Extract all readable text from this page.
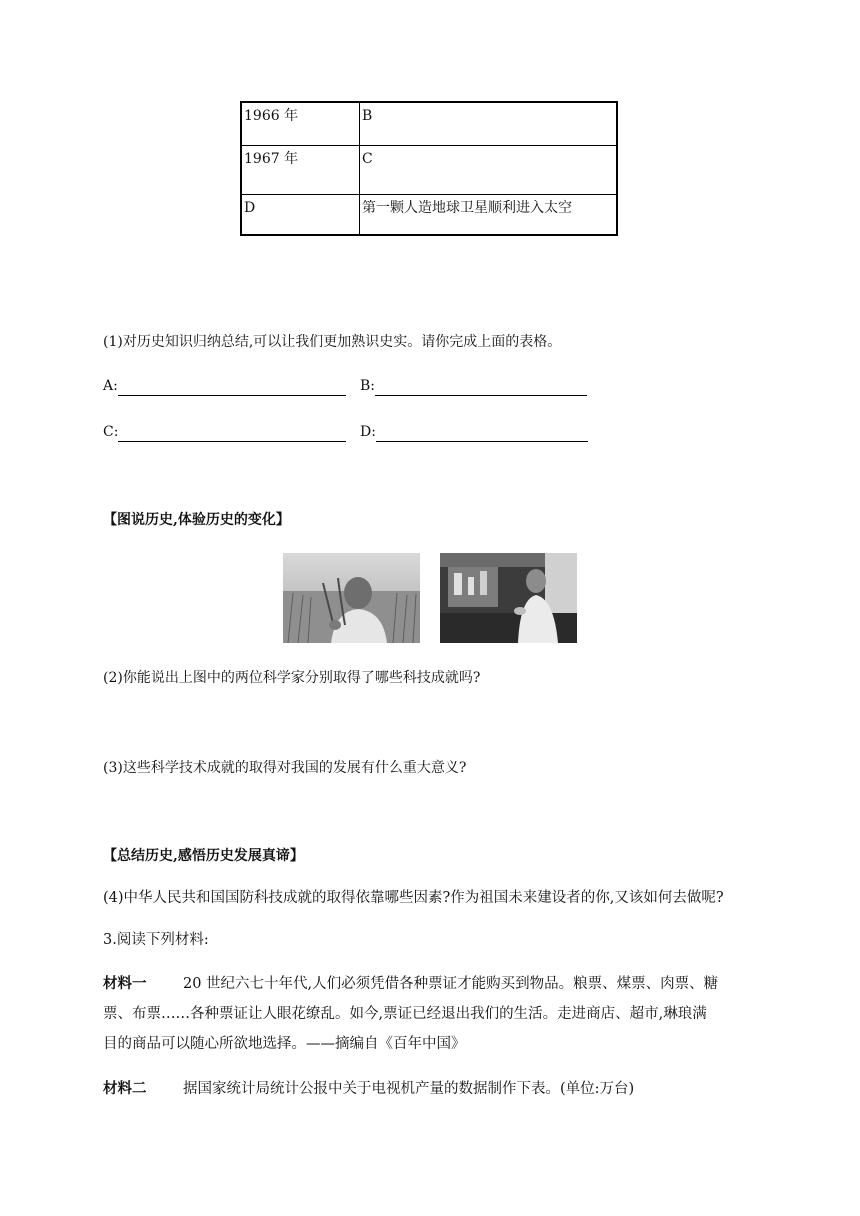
1966 年	B
1967 年	C
D	第一颗人造地球卫星顺利进入太空
(1)对历史知识归纳总结,可以让我们更加熟识史实。请你完成上面的表格。
A:	B:
C:	D:
【图说历史,体验历史的变化】
(2)你能说出上图中的两位科学家分别取得了哪些科技成就吗?
(3)这些科学技术成就的取得对我国的发展有什么重大意义?
【总结历史,感悟历史发展真谛】
(4)中华人民共和国国防科技成就的取得依靠哪些因素?作为祖国未来建设者的你,又该如何去做呢?
3.阅读下列材料:
材料一	20 世纪六七十年代,人们必须凭借各种票证才能购买到物品。粮票、煤票、肉票、糖
票、布票……各种票证让人眼花缭乱。如今,票证已经退出我们的生活。走进商店、超市,琳琅满
目的商品可以随心所欲地选择。——摘编自《百年中国》
材料二	据国家统计局统计公报中关于电视机产量的数据制作下表。(单位:万台)
